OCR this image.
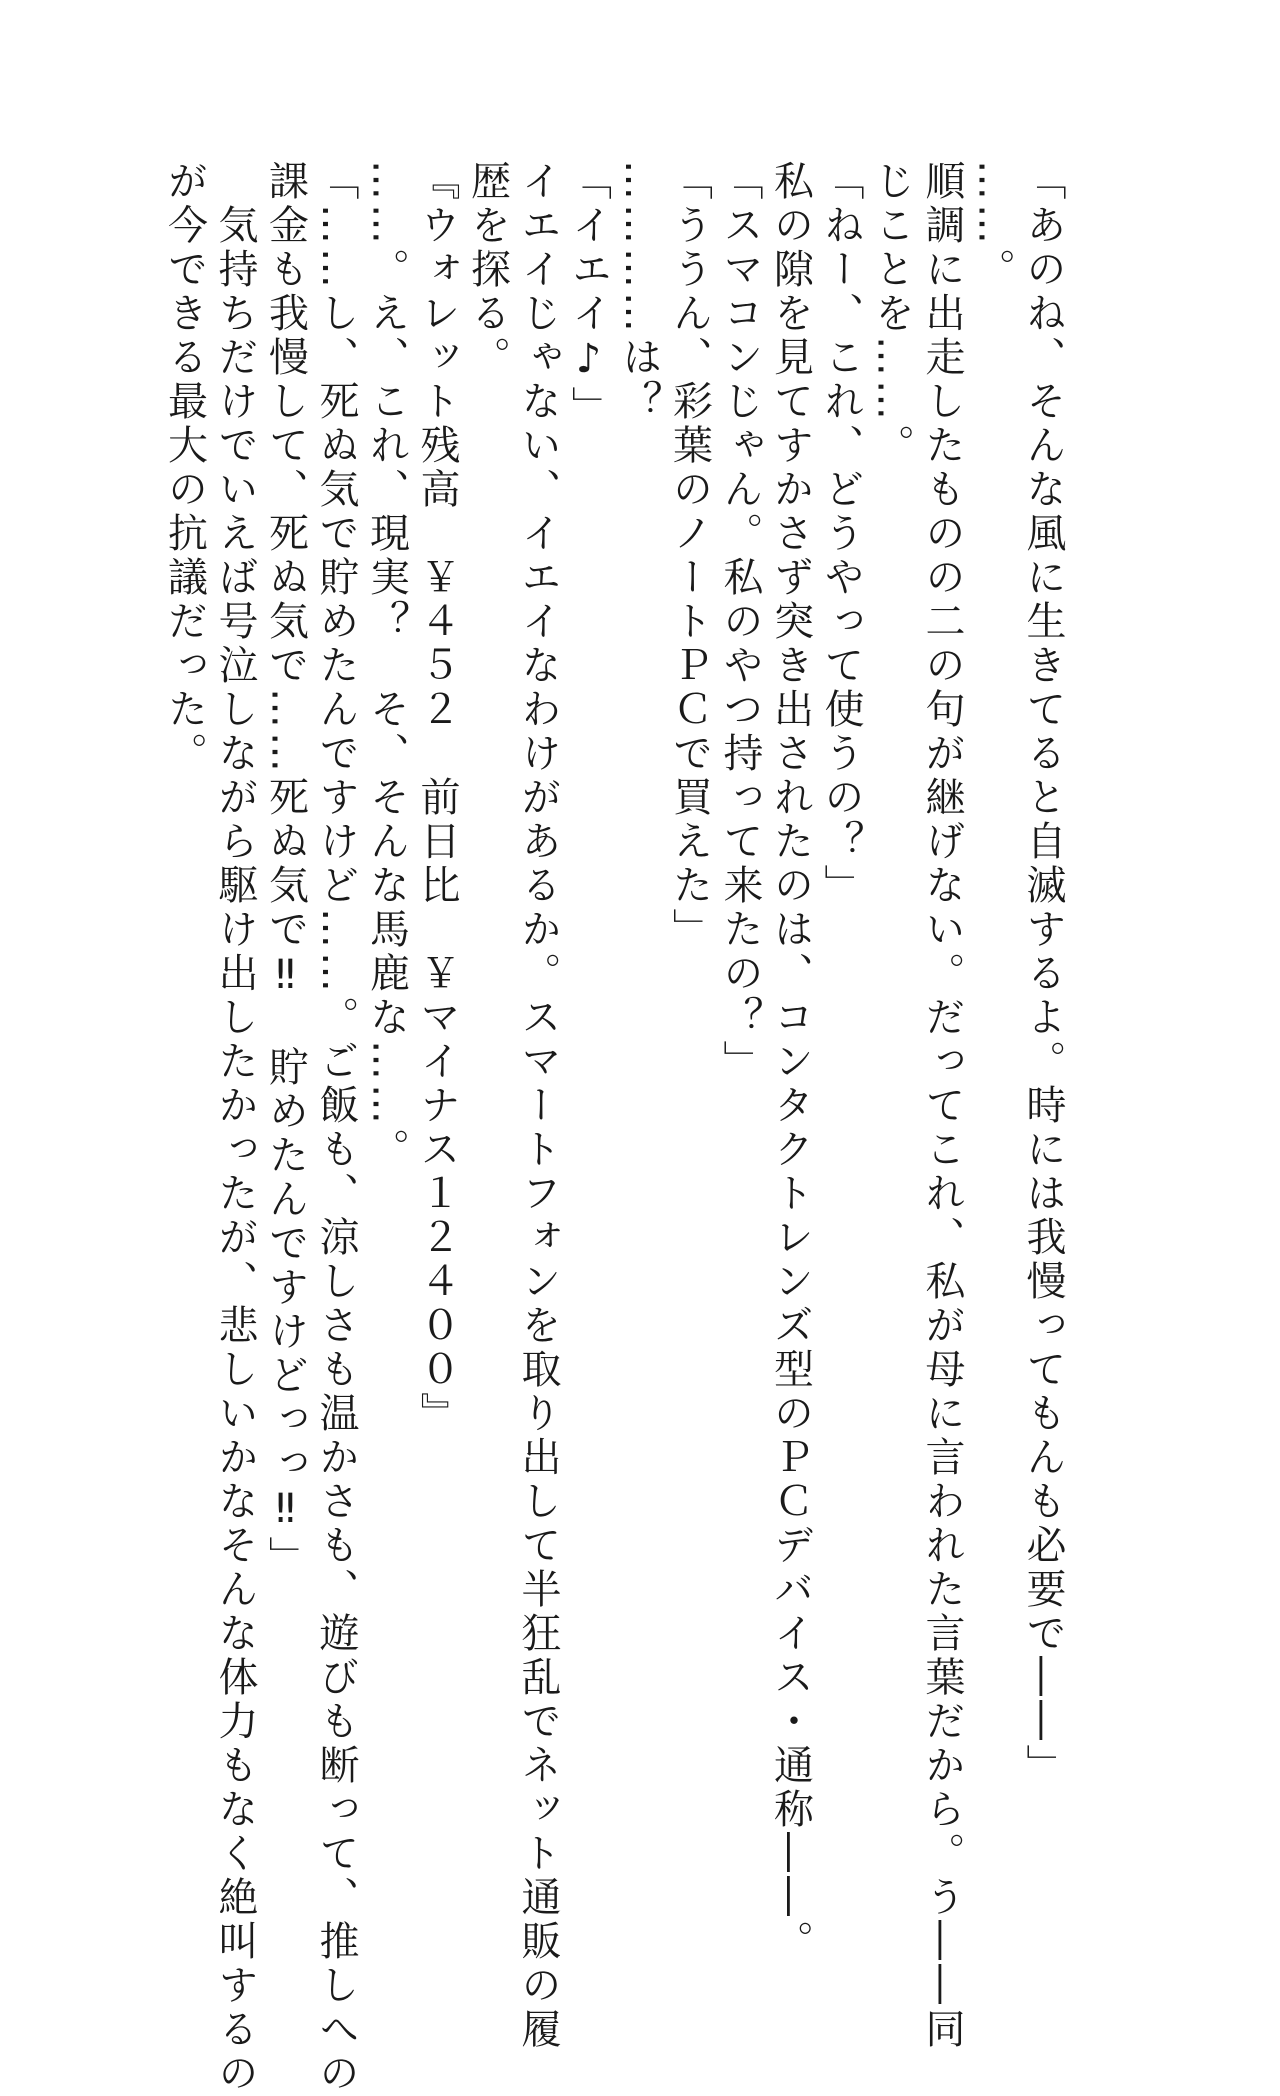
「あのね、そんな風に生きてると自滅するよ。時には我慢ってもんも必要で――」
……。
順調に出走したものの二の句が継げない。だってこれ、私が母に言われた言葉だから。う――同
じことを……。
「ねー、これ、どうやって使うの？」
私の隙を見てすかさず突き出されたのは、コンタクトレンズ型のＰＣデバイス・通称――。
「スマコンじゃん。私のやつ持って来たの？」
「ううん、彩葉のノートＰＣで買えた」
…………は？
「イエイ♪」
イエイじゃない、イエイなわけがあるか。スマートフォンを取り出して半狂乱でネット通販の履
歴を探る。
『ウォレット残高　￥４５２　前日比　￥マイナス１２４００』
……。え、これ、現実？　そ、そんな馬鹿な……。
「……し、死ぬ気で貯めたんですけど……。ご飯も、涼しさも温かさも、遊びも断って、推しへの
課金も我慢して、死ぬ気で……死ぬ気で‼　貯めたんですけどっっ‼」
　気持ちだけでいえば号泣しながら駆け出したかったが、悲しいかなそんな体力もなく絶叫するの
が今できる最大の抗議だった。
